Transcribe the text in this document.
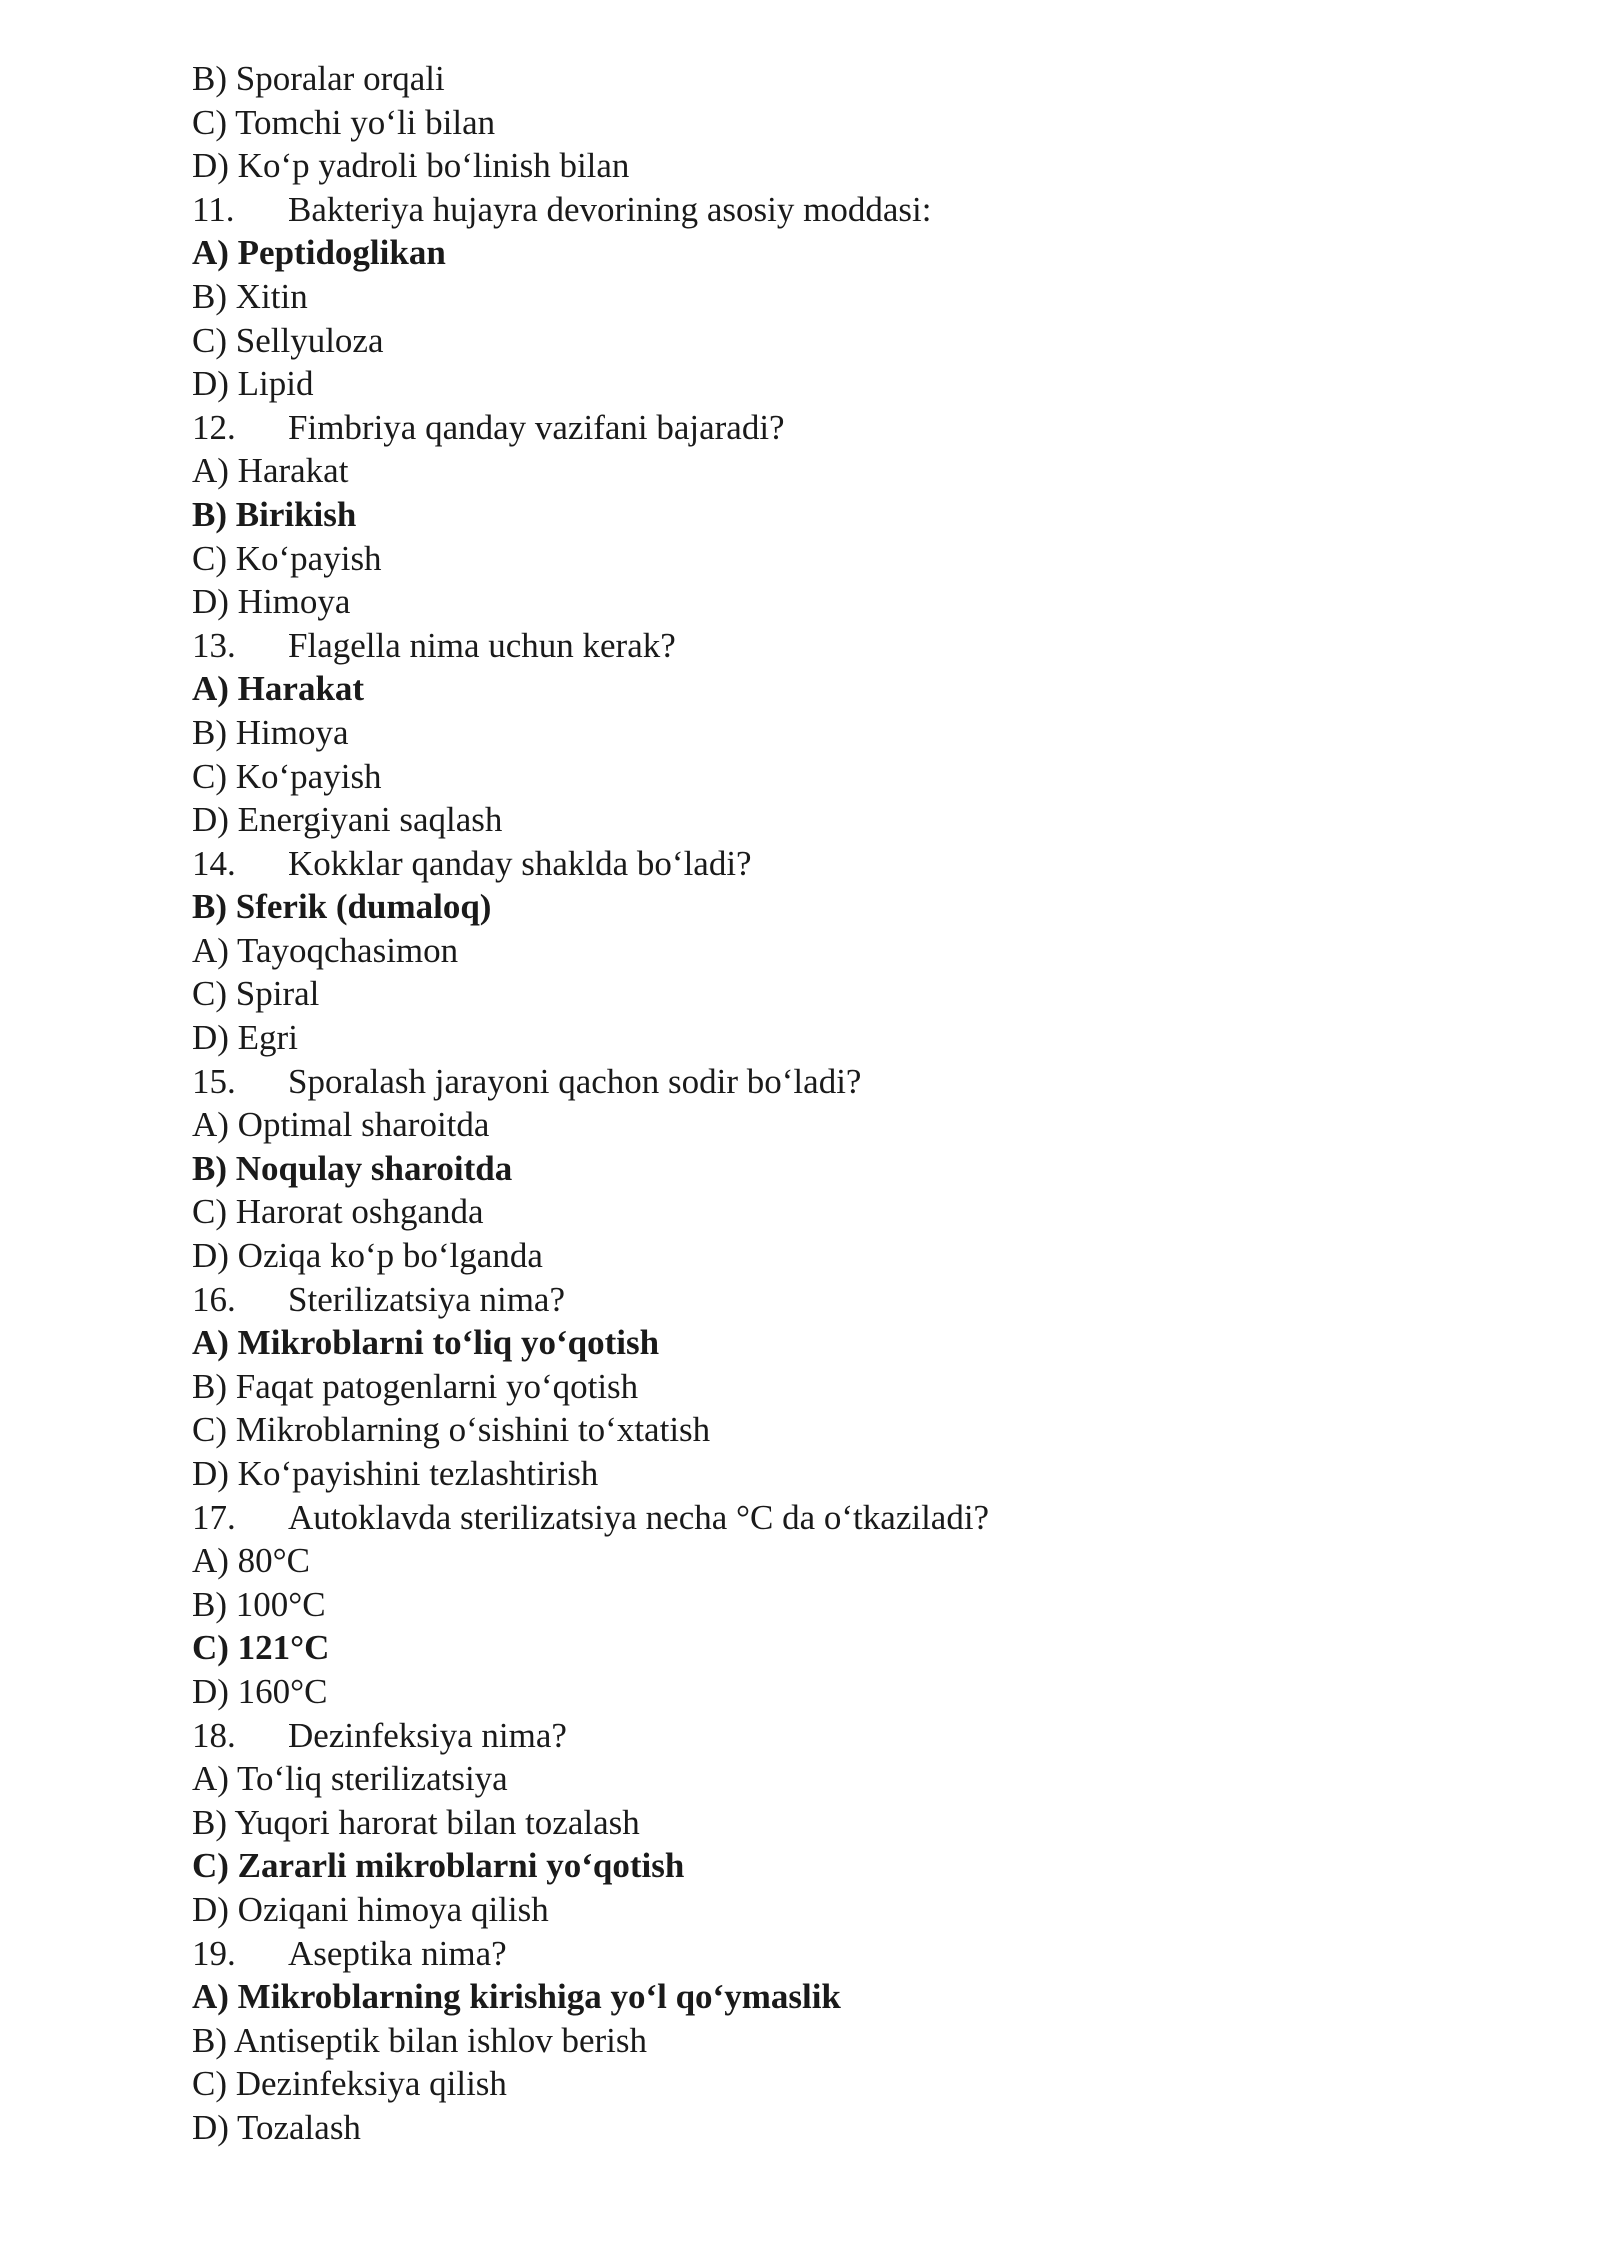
B) Sporalar orqali
C) Tomchi yo‘li bilan
D) Ko‘p yadroli bo‘linish bilan
11. Bakteriya hujayra devorining asosiy moddasi:
A) Peptidoglikan
B) Xitin
C) Sellyuloza
D) Lipid
12. Fimbriya qanday vazifani bajaradi?
A) Harakat
B) Birikish
C) Ko‘payish
D) Himoya
13. Flagella nima uchun kerak?
A) Harakat
B) Himoya
C) Ko‘payish
D) Energiyani saqlash
14. Kokklar qanday shaklda bo‘ladi?
B) Sferik (dumaloq)
A) Tayoqchasimon
C) Spiral
D) Egri
15. Sporalash jarayoni qachon sodir bo‘ladi?
A) Optimal sharoitda
B) Noqulay sharoitda
C) Harorat oshganda
D) Oziqa ko‘p bo‘lganda
16. Sterilizatsiya nima?
A) Mikroblarni to‘liq yo‘qotish
B) Faqat patogenlarni yo‘qotish
C) Mikroblarning o‘sishini to‘xtatish
D) Ko‘payishini tezlashtirish
17. Autoklavda sterilizatsiya necha °C da o‘tkaziladi?
A) 80°C
B) 100°C
C) 121°C
D) 160°C
18. Dezinfeksiya nima?
A) To‘liq sterilizatsiya
B) Yuqori harorat bilan tozalash
C) Zararli mikroblarni yo‘qotish
D) Oziqani himoya qilish
19. Aseptika nima?
A) Mikroblarning kirishiga yo‘l qo‘ymaslik
B) Antiseptik bilan ishlov berish
C) Dezinfeksiya qilish
D) Tozalash
